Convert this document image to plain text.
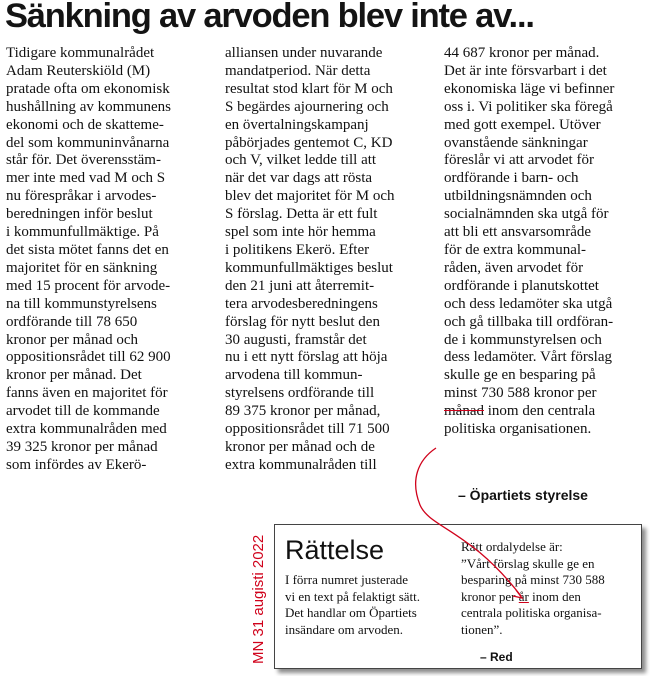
Sänkning av arvoden blev inte av...
Tidigare kommunalrådet
Adam Reuterskiöld (M)
pratade ofta om ekonomisk
hushållning av kommunens
ekonomi och de skatteme-
del som kommuninvånarna
står för. Det överensstäm-
mer inte med vad M och S
nu förespråkar i arvodes-
beredningen inför beslut
i kommunfullmäktige. På
det sista mötet fanns det en
majoritet för en sänkning
med 15 procent för arvode-
na till kommunstyrelsens
ordförande till 78 650
kronor per månad och
oppositionsrådet till 62 900
kronor per månad. Det
fanns även en majoritet för
arvodet till de kommande
extra kommunalråden med
39 325 kronor per månad
som infördes av Ekerö-
alliansen under nuvarande
mandatperiod. När detta
resultat stod klart för M och
S begärdes ajournering och
en övertalningskampanj
påbörjades gentemot C, KD
och V, vilket ledde till att
när det var dags att rösta
blev det majoritet för M och
S förslag. Detta är ett fult
spel som inte hör hemma
i politikens Ekerö. Efter
kommunfullmäktiges beslut
den 21 juni att återremit-
tera arvodesberedningens
förslag för nytt beslut den
30 augusti, framstår det
nu i ett nytt förslag att höja
arvodena till kommun-
styrelsens ordförande till
89 375 kronor per månad,
oppositionsrådet till 71 500
kronor per månad och de
extra kommunalråden till
44 687 kronor per månad.
Det är inte försvarbart i det
ekonomiska läge vi befinner
oss i. Vi politiker ska föregå
med gott exempel. Utöver
ovanstående sänkningar
föreslår vi att arvodet för
ordförande i barn- och
utbildningsnämnden och
socialnämnden ska utgå för
att bli ett ansvarsområde
för de extra kommunal-
råden, även arvodet för
ordförande i planutskottet
och dess ledamöter ska utgå
och gå tillbaka till ordföran-
de i kommunstyrelsen och
dess ledamöter. Vårt förslag
skulle ge en besparing på
minst 730 588 kronor per
månad inom den centrala
politiska organisationen.
– Öpartiets styrelse
MN 31 augisti 2022 Rättelse
I förra numret justerade
vi en text på felaktigt sätt.
Det handlar om Öpartiets
insändare om arvoden.
Rätt ordalydelse är:
”Vårt förslag skulle ge en
besparing på minst 730 588
kronor per år inom den
centrala politiska organisa-
tionen”.
– Red
